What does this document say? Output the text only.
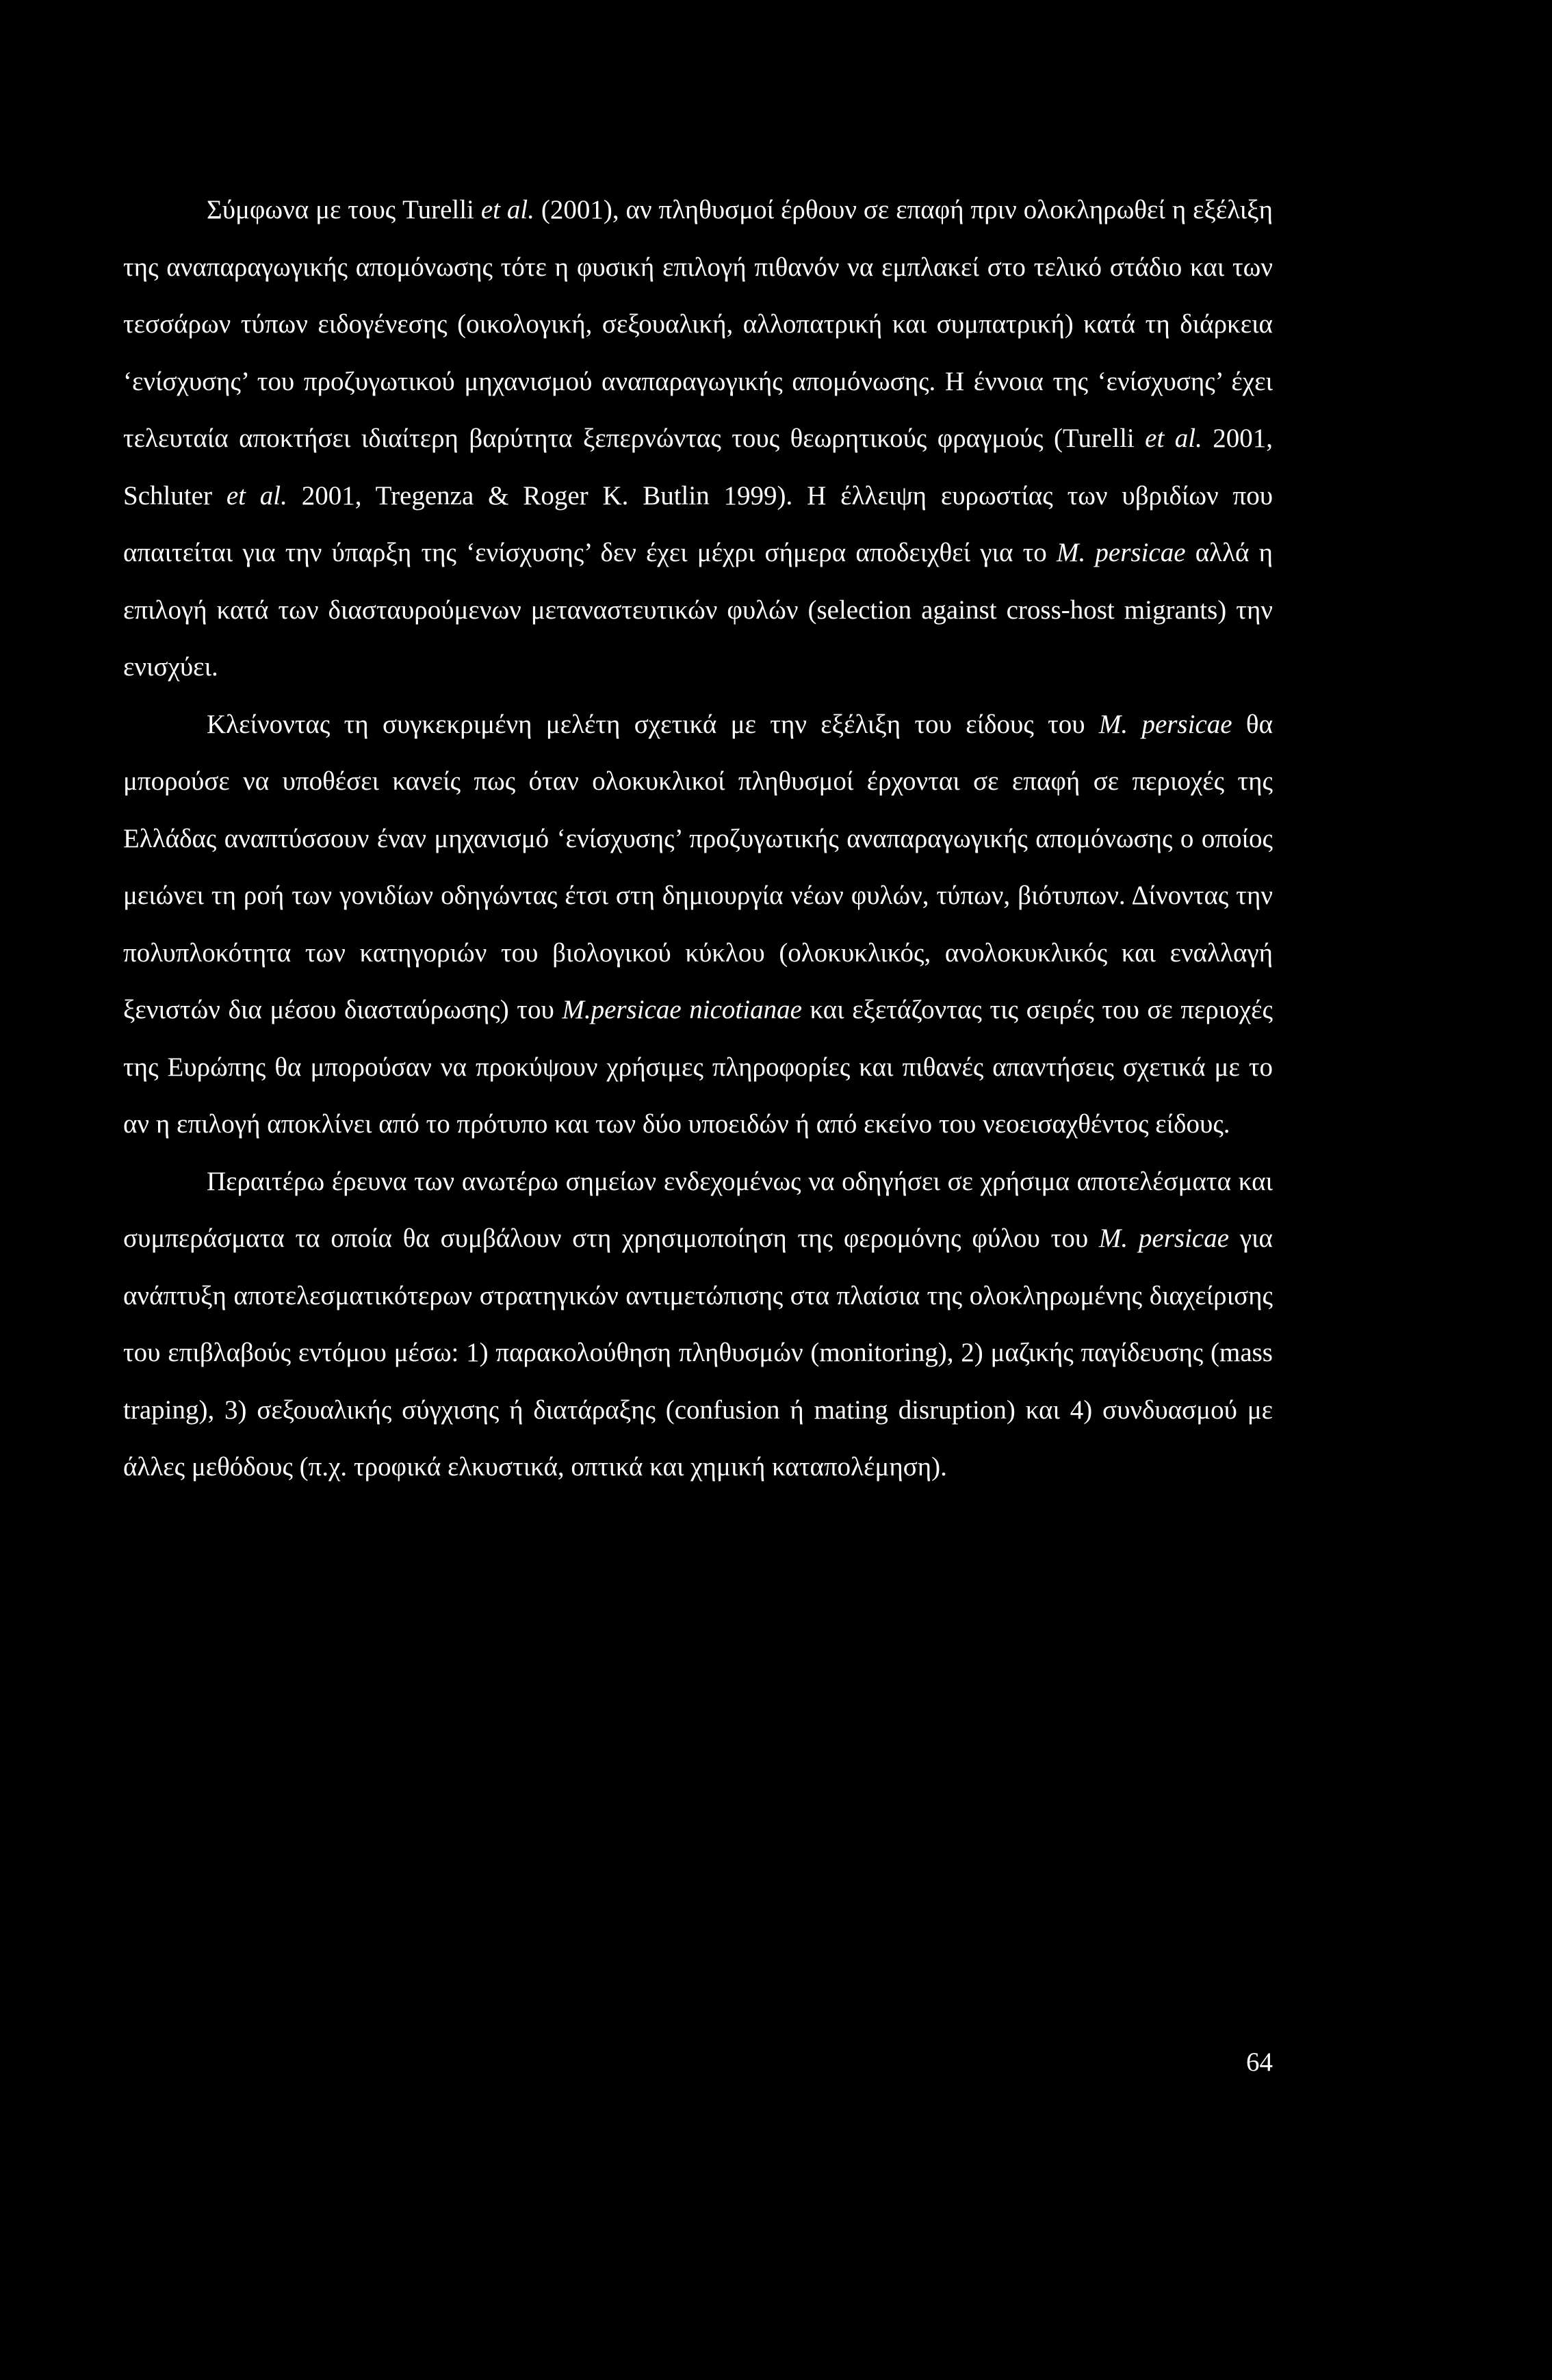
Σύμφωνα με τους Turelli et al. (2001), αν πληθυσμοί έρθουν σε επαφή πριν ολοκληρωθεί η εξέλιξη της αναπαραγωγικής απομόνωσης τότε η φυσική επιλογή πιθανόν να εμπλακεί στο τελικό στάδιο και των τεσσάρων τύπων ειδογένεσης (οικολογική, σεξουαλική, αλλοπατρική και συμπατρική) κατά τη διάρκεια ‘ενίσχυσης’ του προζυγωτικού μηχανισμού αναπαραγωγικής απομόνωσης. Η έννοια της ‘ενίσχυσης’ έχει τελευταία αποκτήσει ιδιαίτερη βαρύτητα ξεπερνώντας τους θεωρητικούς φραγμούς (Turelli et al. 2001, Schluter et al. 2001, Tregenza & Roger K. Butlin 1999). Η έλλειψη ευρωστίας των υβριδίων που απαιτείται για την ύπαρξη της ‘ενίσχυσης’ δεν έχει μέχρι σήμερα αποδειχθεί για το M. persicae αλλά η επιλογή κατά των διασταυρούμενων μεταναστευτικών φυλών (selection against cross-host migrants) την ενισχύει.

Κλείνοντας τη συγκεκριμένη μελέτη σχετικά με την εξέλιξη του είδους του M. persicae θα μπορούσε να υποθέσει κανείς πως όταν ολοκυκλικοί πληθυσμοί έρχονται σε επαφή σε περιοχές της Ελλάδας αναπτύσσουν έναν μηχανισμό ‘ενίσχυσης’ προζυγωτικής αναπαραγωγικής απομόνωσης ο οποίος μειώνει τη ροή των γονιδίων οδηγώντας έτσι στη δημιουργία νέων φυλών, τύπων, βιότυπων. Δίνοντας την πολυπλοκότητα των κατηγοριών του βιολογικού κύκλου (ολοκυκλικός, ανολοκυκλικός και εναλλαγή ξενιστών δια μέσου διασταύρωσης) του M.persicae nicotianae και εξετάζοντας τις σειρές του σε περιοχές της Ευρώπης θα μπορούσαν να προκύψουν χρήσιμες πληροφορίες και πιθανές απαντήσεις σχετικά με το αν η επιλογή αποκλίνει από το πρότυπο και των δύο υποειδών ή από εκείνο του νεοεισαχθέντος είδους.

Περαιτέρω έρευνα των ανωτέρω σημείων ενδεχομένως να οδηγήσει σε χρήσιμα αποτελέσματα και συμπεράσματα τα οποία θα συμβάλουν στη χρησιμοποίηση της φερομόνης φύλου του M. persicae για ανάπτυξη αποτελεσματικότερων στρατηγικών αντιμετώπισης στα πλαίσια της ολοκληρωμένης διαχείρισης του επιβλαβούς εντόμου μέσω: 1) παρακολούθηση πληθυσμών (monitoring), 2) μαζικής παγίδευσης (mass traping), 3) σεξουαλικής σύγχισης ή διατάραξης (confusion ή mating disruption) και 4) συνδυασμού με άλλες μεθόδους (π.χ. τροφικά ελκυστικά, οπτικά και χημική καταπολέμηση).

64
